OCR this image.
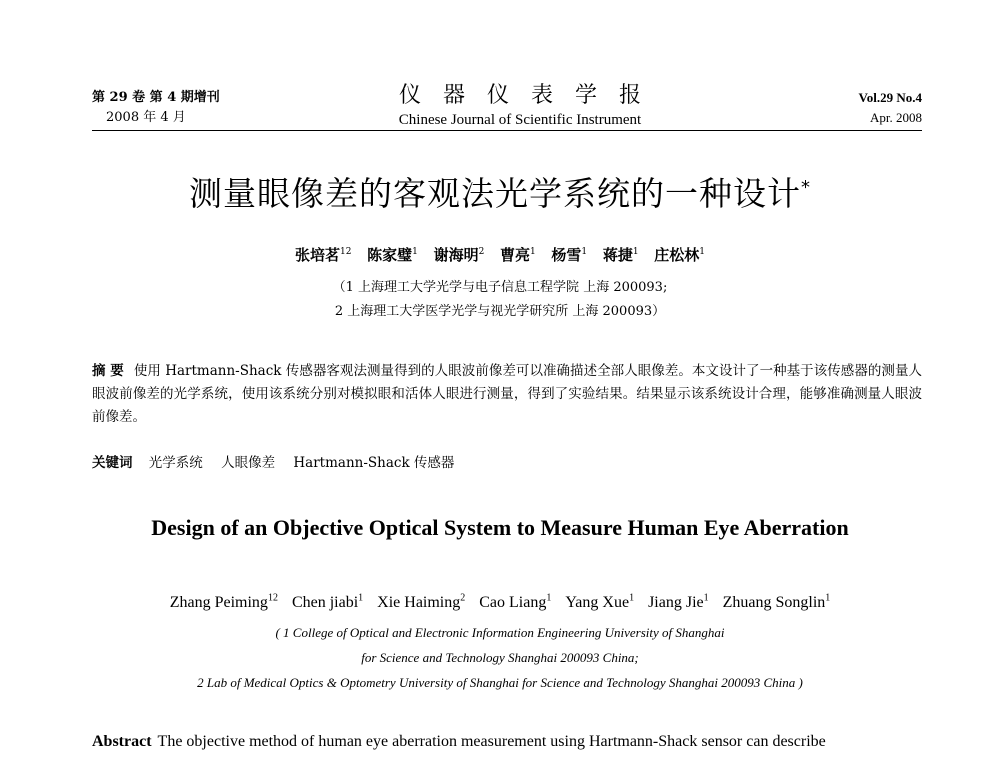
第 29 卷 第 4 期增刊
2008 年 4 月
仪器仪表学报
Chinese Journal of Scientific Instrument
Vol.29 No.4
Apr. 2008
测量眼像差的客观法光学系统的一种设计*
张培茗$^{12}$ 陈家璧$^1$ 谢海明$^2$ 曹亮$^1$ 杨雪$^1$ 蒋捷$^1$ 庄松林$^1$
（1 上海理工大学光学与电子信息工程学院 上海 200093;
2 上海理工大学医学光学与视光学研究所 上海 200093）
摘 要 使用 Hartmann-Shack 传感器客观法测量得到的人眼波前像差可以准确描述全部人眼像差。本文设计了一种基于该传感器的测量人眼波前像差的光学系统，使用该系统分别对模拟眼和活体人眼进行测量，得到了实验结果。结果显示该系统设计合理，能够准确测量人眼波前像差。
关键词 光学系统 人眼像差 Hartmann-Shack 传感器
Design of an Objective Optical System to Measure Human Eye Aberration
Zhang Peiming$^{12}$ Chen jiabi$^1$ Xie Haiming$^2$ Cao Liang$^1$ Yang Xue$^1$ Jiang Jie$^1$ Zhuang Songlin$^1$
( 1 College of Optical and Electronic Information Engineering University of Shanghai
for Science and Technology Shanghai 200093 China;
2 Lab of Medical Optics & Optometry University of Shanghai for Science and Technology Shanghai 200093 China )
Abstract The objective method of human eye aberration measurement using Hartmann-Shack sensor can describe
